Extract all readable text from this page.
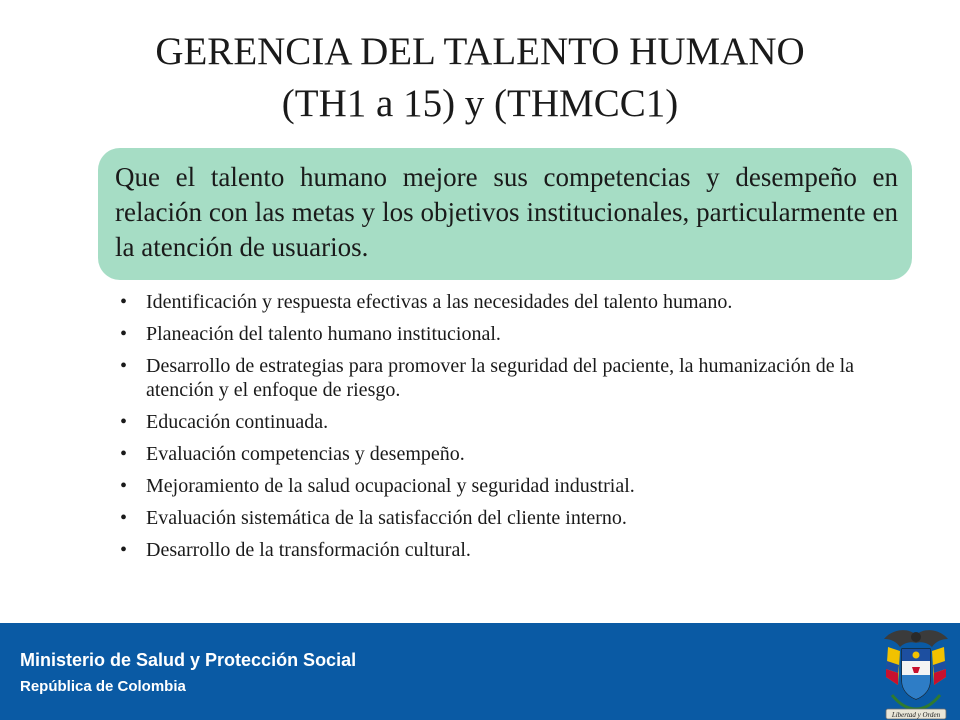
GERENCIA DEL TALENTO HUMANO
(TH1 a 15) y (THMCC1)
Que el talento humano mejore sus competencias y desempeño en relación con las metas y los objetivos institucionales, particularmente en la atención de usuarios.
• Identificación y respuesta efectivas a las necesidades del talento humano.
• Planeación del talento humano institucional.
• Desarrollo de estrategias para promover la seguridad del paciente, la humanización de la atención y el enfoque de riesgo.
• Educación continuada.
• Evaluación competencias y desempeño.
• Mejoramiento de la salud ocupacional y seguridad industrial.
• Evaluación sistemática de la satisfacción del cliente interno.
• Desarrollo de la transformación cultural.
Ministerio de Salud y Protección Social
República de Colombia
Libertad y Orden
